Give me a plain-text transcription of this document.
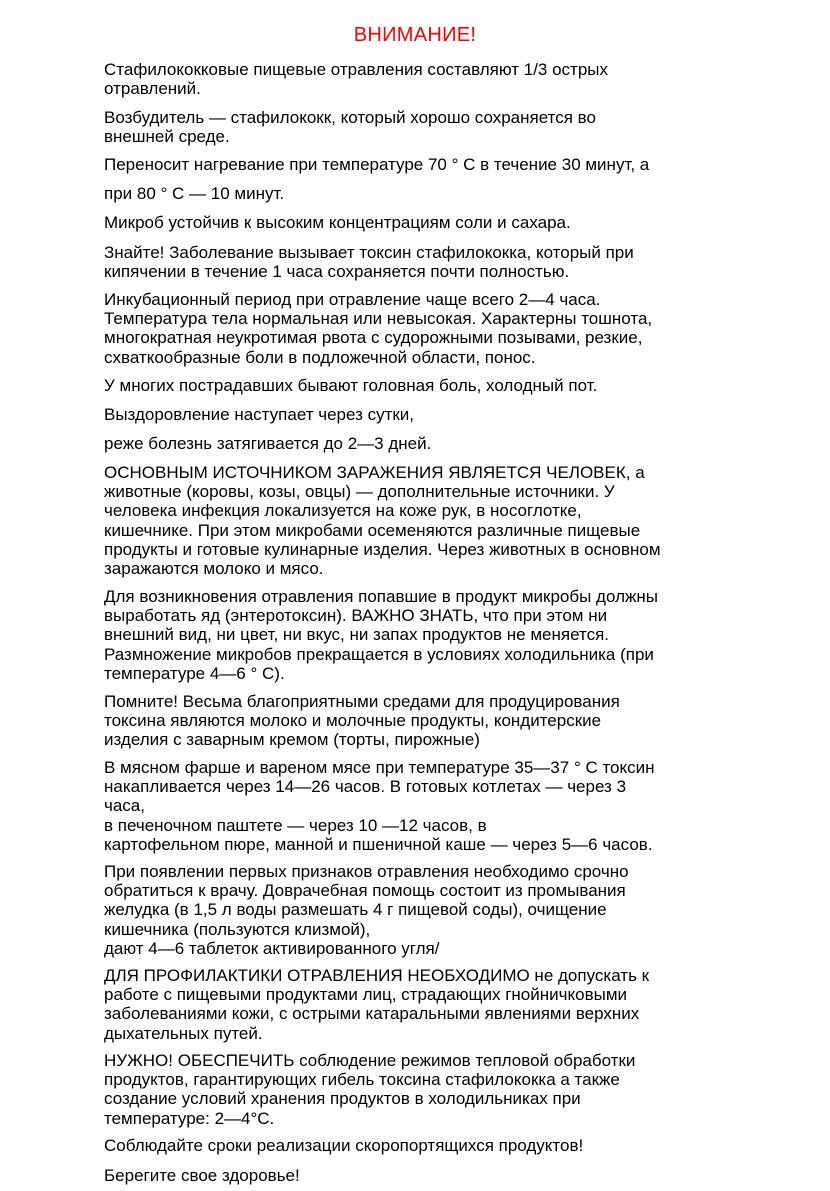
ВНИМАНИЕ!
Стафилококковые пищевые отравления составляют 1/3 острых
отравлений.
Возбудитель — стафилококк, который хорошо сохраняется во
внешней среде.
Переносит нагревание при температуре 70 ° С в течение 30 минут, а
при 80 ° С — 10 минут.
Микроб устойчив к высоким концентрациям соли и сахара.
Знайте! Заболевание вызывает токсин стафилококка, который при
кипячении в течение 1 часа сохраняется почти полностью.
Инкубационный период при отравление чаще всего 2—4 часа.
Температура тела нормальная или невысокая. Характерны тошнота,
многократная неукротимая рвота с судорожными позывами, резкие,
схваткообразные боли в подложечной области, понос.
У многих пострадавших бывают головная боль, холодный пот.
Выздоровление наступает через сутки,
реже болезнь затягивается до 2—3 дней.
ОСНОВНЫМ ИСТОЧНИКОМ ЗАРАЖЕНИЯ ЯВЛЯЕТСЯ ЧЕЛОВЕК, а
животные (коровы, козы, овцы) — дополнительные источники. У
человека инфекция локализуется на коже рук, в носоглотке,
кишечнике. При этом микробами осеменяются различные пищевые
продукты и готовые кулинарные изделия. Через животных в основном
заражаются молоко и мясо.
Для возникновения отравления попавшие в продукт микробы должны
выработать яд (энтеротоксин). ВАЖНО ЗНАТЬ, что при этом ни
внешний вид, ни цвет, ни вкус, ни запах продуктов не меняется.
Размножение микробов прекращается в условиях холодильника (при
температуре 4—6 ° С).
Помните! Весьма благоприятными средами для продуцирования
токсина являются молоко и молочные продукты, кондитерские
изделия с заварным кремом (торты, пирожные)
В мясном фарше и вареном мясе при температуре 35—37 ° С токсин
накапливается через 14—26 часов. В готовых котлетах — через 3
часа,
в печеночном паштете — через 10 —12 часов, в
картофельном пюре, манной и пшеничной каше — через 5—6 часов.
При появлении первых признаков отравления необходимо срочно
обратиться к врачу. Доврачебная помощь состоит из промывания
желудка (в 1,5 л воды размешать 4 г пищевой соды), очищение
кишечника (пользуются клизмой),
дают 4—6 таблеток активированного угля/
ДЛЯ ПРОФИЛАКТИКИ ОТРАВЛЕНИЯ НЕОБХОДИМО не допускать к
работе с пищевыми продуктами лиц, страдающих гнойничковыми
заболеваниями кожи, с острыми катаральными явлениями верхних
дыхательных путей.
НУЖНО! ОБЕСПЕЧИТЬ соблюдение режимов тепловой обработки
продуктов, гарантирующих гибель токсина стафилококка а также
создание условий хранения продуктов в холодильниках при
температуре: 2—4°С.
Соблюдайте сроки реализации скоропортящихся продуктов!
Берегите свое здоровье!
